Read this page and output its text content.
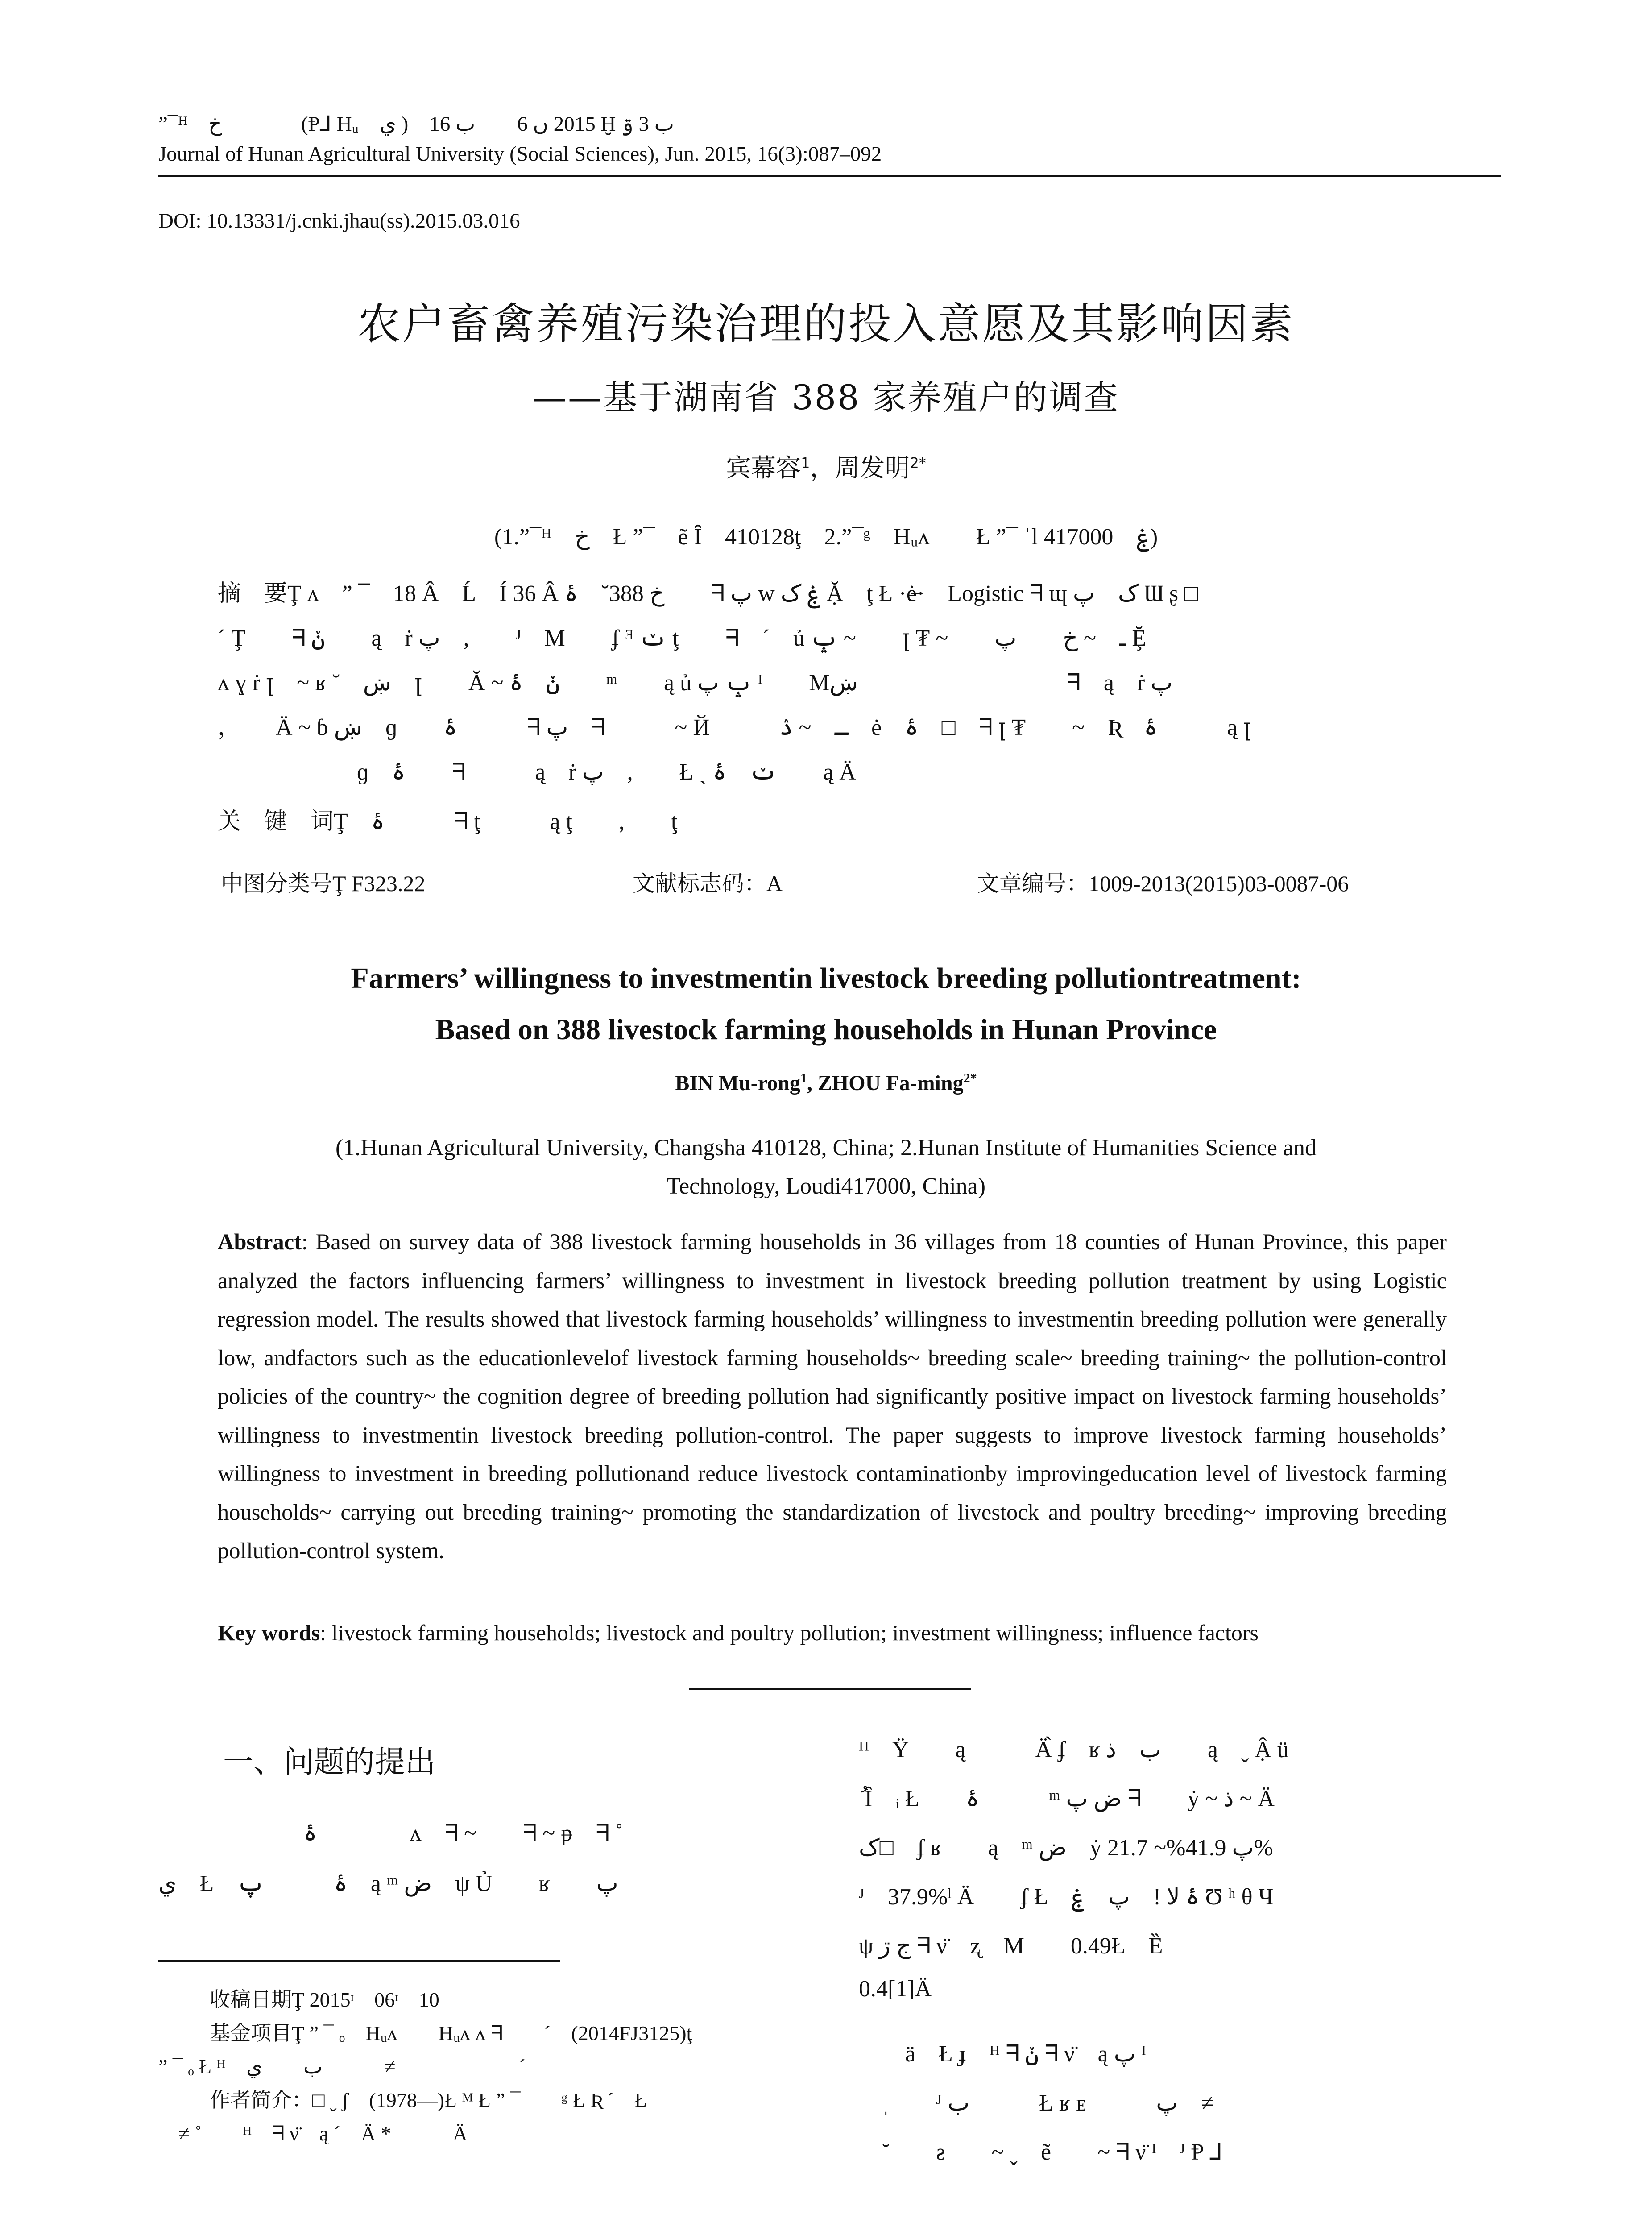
”¯ᴴ　خ　　ُ　(Ᵽ⅃ Hᵤ　ي )　2015 ں 6　　ب 16 Ḫ ب 3 ۊ
Journal of Hunan Agricultural University (Social Sciences), Jun. 2015, 16(3):087–092
DOI: 10.13331/j.cnki.jhau(ss).2015.03.016
农户畜禽养殖污染治理的投入意愿及其影响因素
——基于湖南省 388 家养殖户的调查
宾幕容$^1$，周发明$^{2*}$
(1.”¯ᴴ　خ　Ł ”¯　ẽ Ȋ　410128ţ　2.”¯ᵍ　Hᵤᴧ　　Ł ”¯ ˈl ۼ　417000)
摘　要Ţ ᴧ　” ¯　18 Â　Ĺ　Í 36 Â خ 388˘　ۂ　　ᖷ پ w ۼ ک Ặ　ţ Ł ·ė̶·　Logistic ᖷ ɰ ک　پ Ɯ ʂ □
´ Ţ　　ᖷ ݩ　　ą　ṙ پ　,　　ᴶ　M　　ʄ ᴲ ݖ ţ　　ᖷ　´　ủ ݒ ~　　ꞁ ₮ ~　　ـ　~ خ　　پ Ḝ
ᴧ ɣ ṙ ꞁ　~ ʁ ˘　ښ　ꞁ　　Ă ~ ݩ　ۂ　　ᵐ　　ą ủ ݒ پ ᴵ　　Mښ　　　　　　　　　ᖷ　ą　ṙ پ
，　　Ä ~ ɓ ښ　ɡ　　ۂ　　　ᖷ پ　ᖷ　　　~ Й　　　ـ　~ ۮ　ė　ۂ　□　ᖷ ꞁ ₮　　~　Ʀ　ۂ　　　ą ꞁ
　　　　　　ɡ　ۂ　　ᖷ　　　ą　ṙ پ　,　　Ł ˎ ݖ　ۂ　　ą Ä
关　键　词Ţ　ۂ　　　ᖷ ţ　　　ą ţ　　,　　ţ
中图分类号Ţ F323.22	文献标志码：A	文章编号：1009-2013(2015)03-0087-06
Farmers’ willingness to investmentin livestock breeding pollutiontreatment:
Based on 388 livestock farming households in Hunan Province
BIN Mu-rong$^1$, ZHOU Fa-ming$^{2*}$
(1.Hunan Agricultural University, Changsha 410128, China; 2.Hunan Institute of Humanities Science and Technology, Loudi417000, China)
Abstract: Based on survey data of 388 livestock farming households in 36 villages from 18 counties of Hunan Province, this paper analyzed the factors influencing farmers’ willingness to investment in livestock breeding pollution treatment by using Logistic regression model. The results showed that livestock farming households’ willingness to investmentin breeding pollution were generally low, andfactors such as the educationlevelof livestock farming households~ breeding scale~ breeding training~ the pollution-control policies of the country~ the cognition degree of breeding pollution had significantly positive impact on livestock farming households’ willingness to investmentin livestock breeding pollution-control. The paper suggests to improve livestock farming households’ willingness to investment in breeding pollutionand reduce livestock contaminationby improvingeducation level of livestock farming households~ carrying out breeding training~ promoting the standardization of livestock and poultry breeding~ improving breeding pollution-control system.
Key words: livestock farming households; livestock and poultry pollution; investment willingness; influence factors
一、问题的提出
ۂ　　　　ᴧ　ᖷ ~　　ᖷ ~ ᵽ　ᖷ ˚
ي　Ł　ۂ　　　پ　ą ᵐ ض　ψ Ủ　　ʁ　　پ
ᴴ　Ÿ　　ą　　　Ä̀ ʄ　ʁ ب　ذ　　ą　ˬ Ậ ü
ُ Ȋ　ᵢ Ł　　ۂ　　　ᵐ ض پ ᖷ　　ẏ ~ ذ ~ Ä
ک□　ʄ ʁ　　ą　ᵐ ض　ẏ پ 41.9%~ 21.7%
ᴶ　37.9%ˡ Ä　　ʄ Ł　ۂ ﻻ !　پ　ۼ Ʊ ʰ θ Ч
ψ ج ڗ ᖷ ν̈　ʐ　M　　0.49Ł　Ȅ
0.4[1]Ä
　　ä　Ł ɟ　ᴴ ᖷ ݩ ᖷ ν̈　ą پ ᴵ
　ˌ　　ᴶ ب　　　Ł ʁ ᴇ　　　پ　≠
　˘　　ƨ　　~ ˬ　ẽ　　~ ᖷ ν̈ ᴵ　ᴶ Ᵽ ⅃
收稿日期Ţ 2015ᶦ　06ᶦ　10
基金项目Ţ ” ¯ ₒ　Hᵤᴧ　　Hᵤᴧ ᴧ ᖷ　　´　(2014FJ3125)ţ
” ¯ ₒ Ł ᴴ　ب　　ي　　　≠　　　　　　ˊ
作者简介：□ ˬ ʃ　(1978—)Ł ᴹ Ł ” ¯　　ᵍ Ł Ʀ ´　Ł
≠ ˚　　ᴴ　ᖷ ν̈　ą ´　Ä *　　　Ä
